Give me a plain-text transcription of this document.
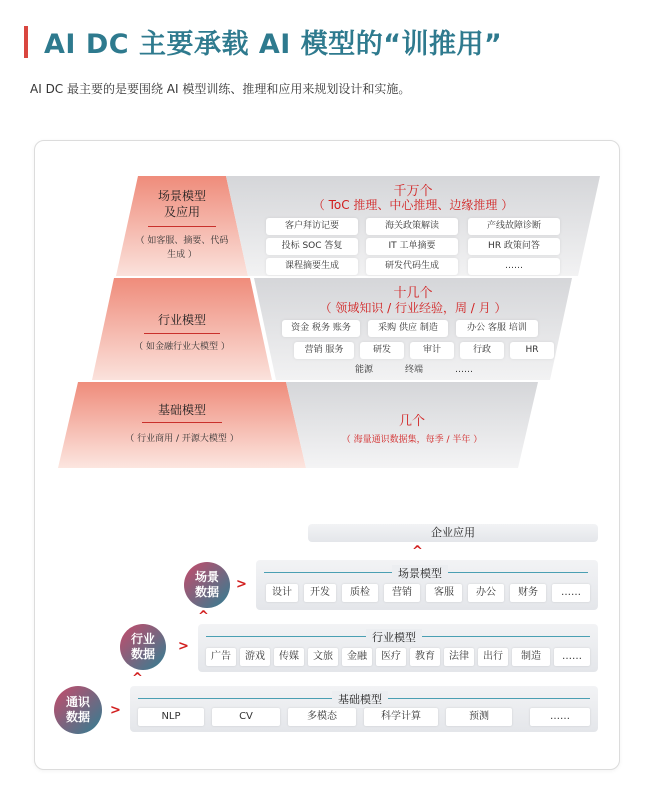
AI DC 主要承载 AI 模型的“训推用”
AI DC 最主要的是要围绕 AI 模型训练、推理和应用来规划设计和实施。
场景模型
及应用
（ 如客服、摘要、代码
生成 ）
行业模型
（ 如金融行业大模型 ）
基础模型
（ 行业商用 / 开源大模型 ）
千万个
（ ToC 推理、中心推理、边缘推理 ）
客户拜访记要	海关政策解读	产线故障诊断
投标 SOC 答复	IT 工单摘要	HR 政策问答
课程摘要生成	研发代码生成	……
十几个
（ 领域知识 / 行业经验，周 / 月 ）
资金 税务 账务	采购 供应 制造	办公 客服 培训
营销 服务	研发	审计	行政	HR
能源	终端	……
几个
（ 海量通识数据集，每季 / 半年 ）
企业应用
^
场景模型
设计	开发	质检	营销	客服	办公	财务	……
行业模型
广告	游戏	传媒	文旅	金融	医疗	教育	法律	出行	制造	……
基础模型
NLP	CV	多模态	科学计算	预测	……
场景
数据 >
行业
数据 >
^
通识
数据 >
^
